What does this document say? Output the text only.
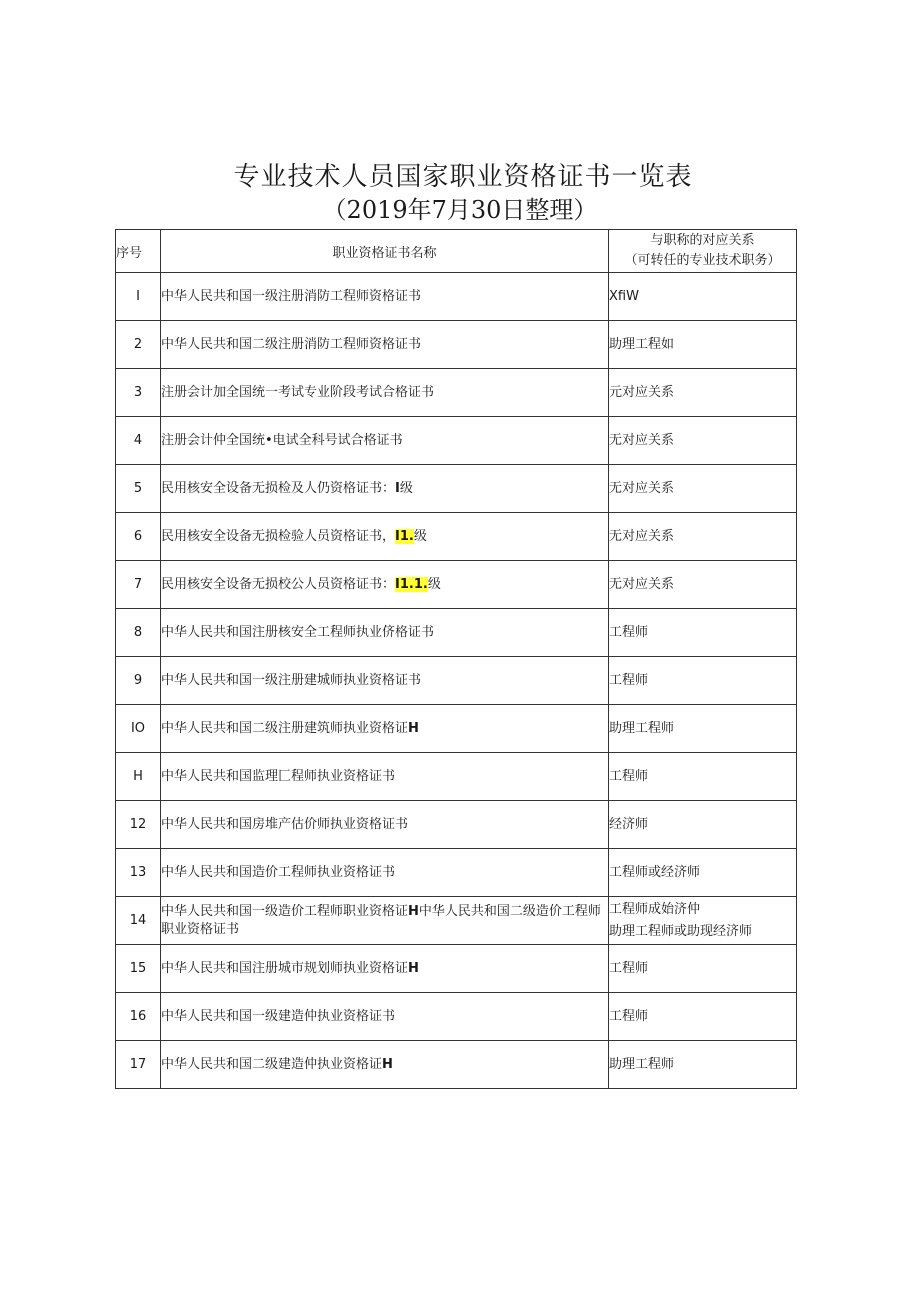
专业技术人员国家职业资格证书一览表
（2019年7月30日整理）
序号	职业资格证书名称	与职称的对应关系
（可转任的专业技术职务）

I	中华人民共和国一级注册消防工程师资格证书	XfiW
2	中华人民共和国二级注册消防工程师资格证书	助理工程如
3	注册会计加全国统一考试专业阶段考试合格证书	元对应关系
4	注册会计仲全国统•电试全科号试合格证书	无对应关系
5	民用核安全设备无损检及人仍资格证书：I级	无对应关系
6	民用核安全设备无损检验人员资格证书，I1.级	无对应关系
7	民用核安全设备无损校公人员资格证书：I1.1.级	无对应关系
8	中华人民共和国注册核安全工程师执业侪格证书	工程师
9	中华人民共和国一级注册建城师执业资格证书	工程师
IO	中华人民共和国二级注册建筑师执业资格证H	助理工程师
H	中华人民共和国监理匚程师执业资格证书	工程师
12	中华人民共和国房堆产估价师执业资格证书	经济师
13	中华人民共和国造价工程师执业资格证书	工程师或经济师
14	中华人民共和国一级造价工程师职业资格证H中华人民共和国二级造价工程师职业资格证书	工程师成始济仲
助理工程师或助现经济师

15	中华人民共和国注册城市规划师执业资格证H	工程师
16	中华人民共和国一级建造仲执业资格证书	工程师
17	中华人民共和国二级建造仲执业资格证H	助理工程师
